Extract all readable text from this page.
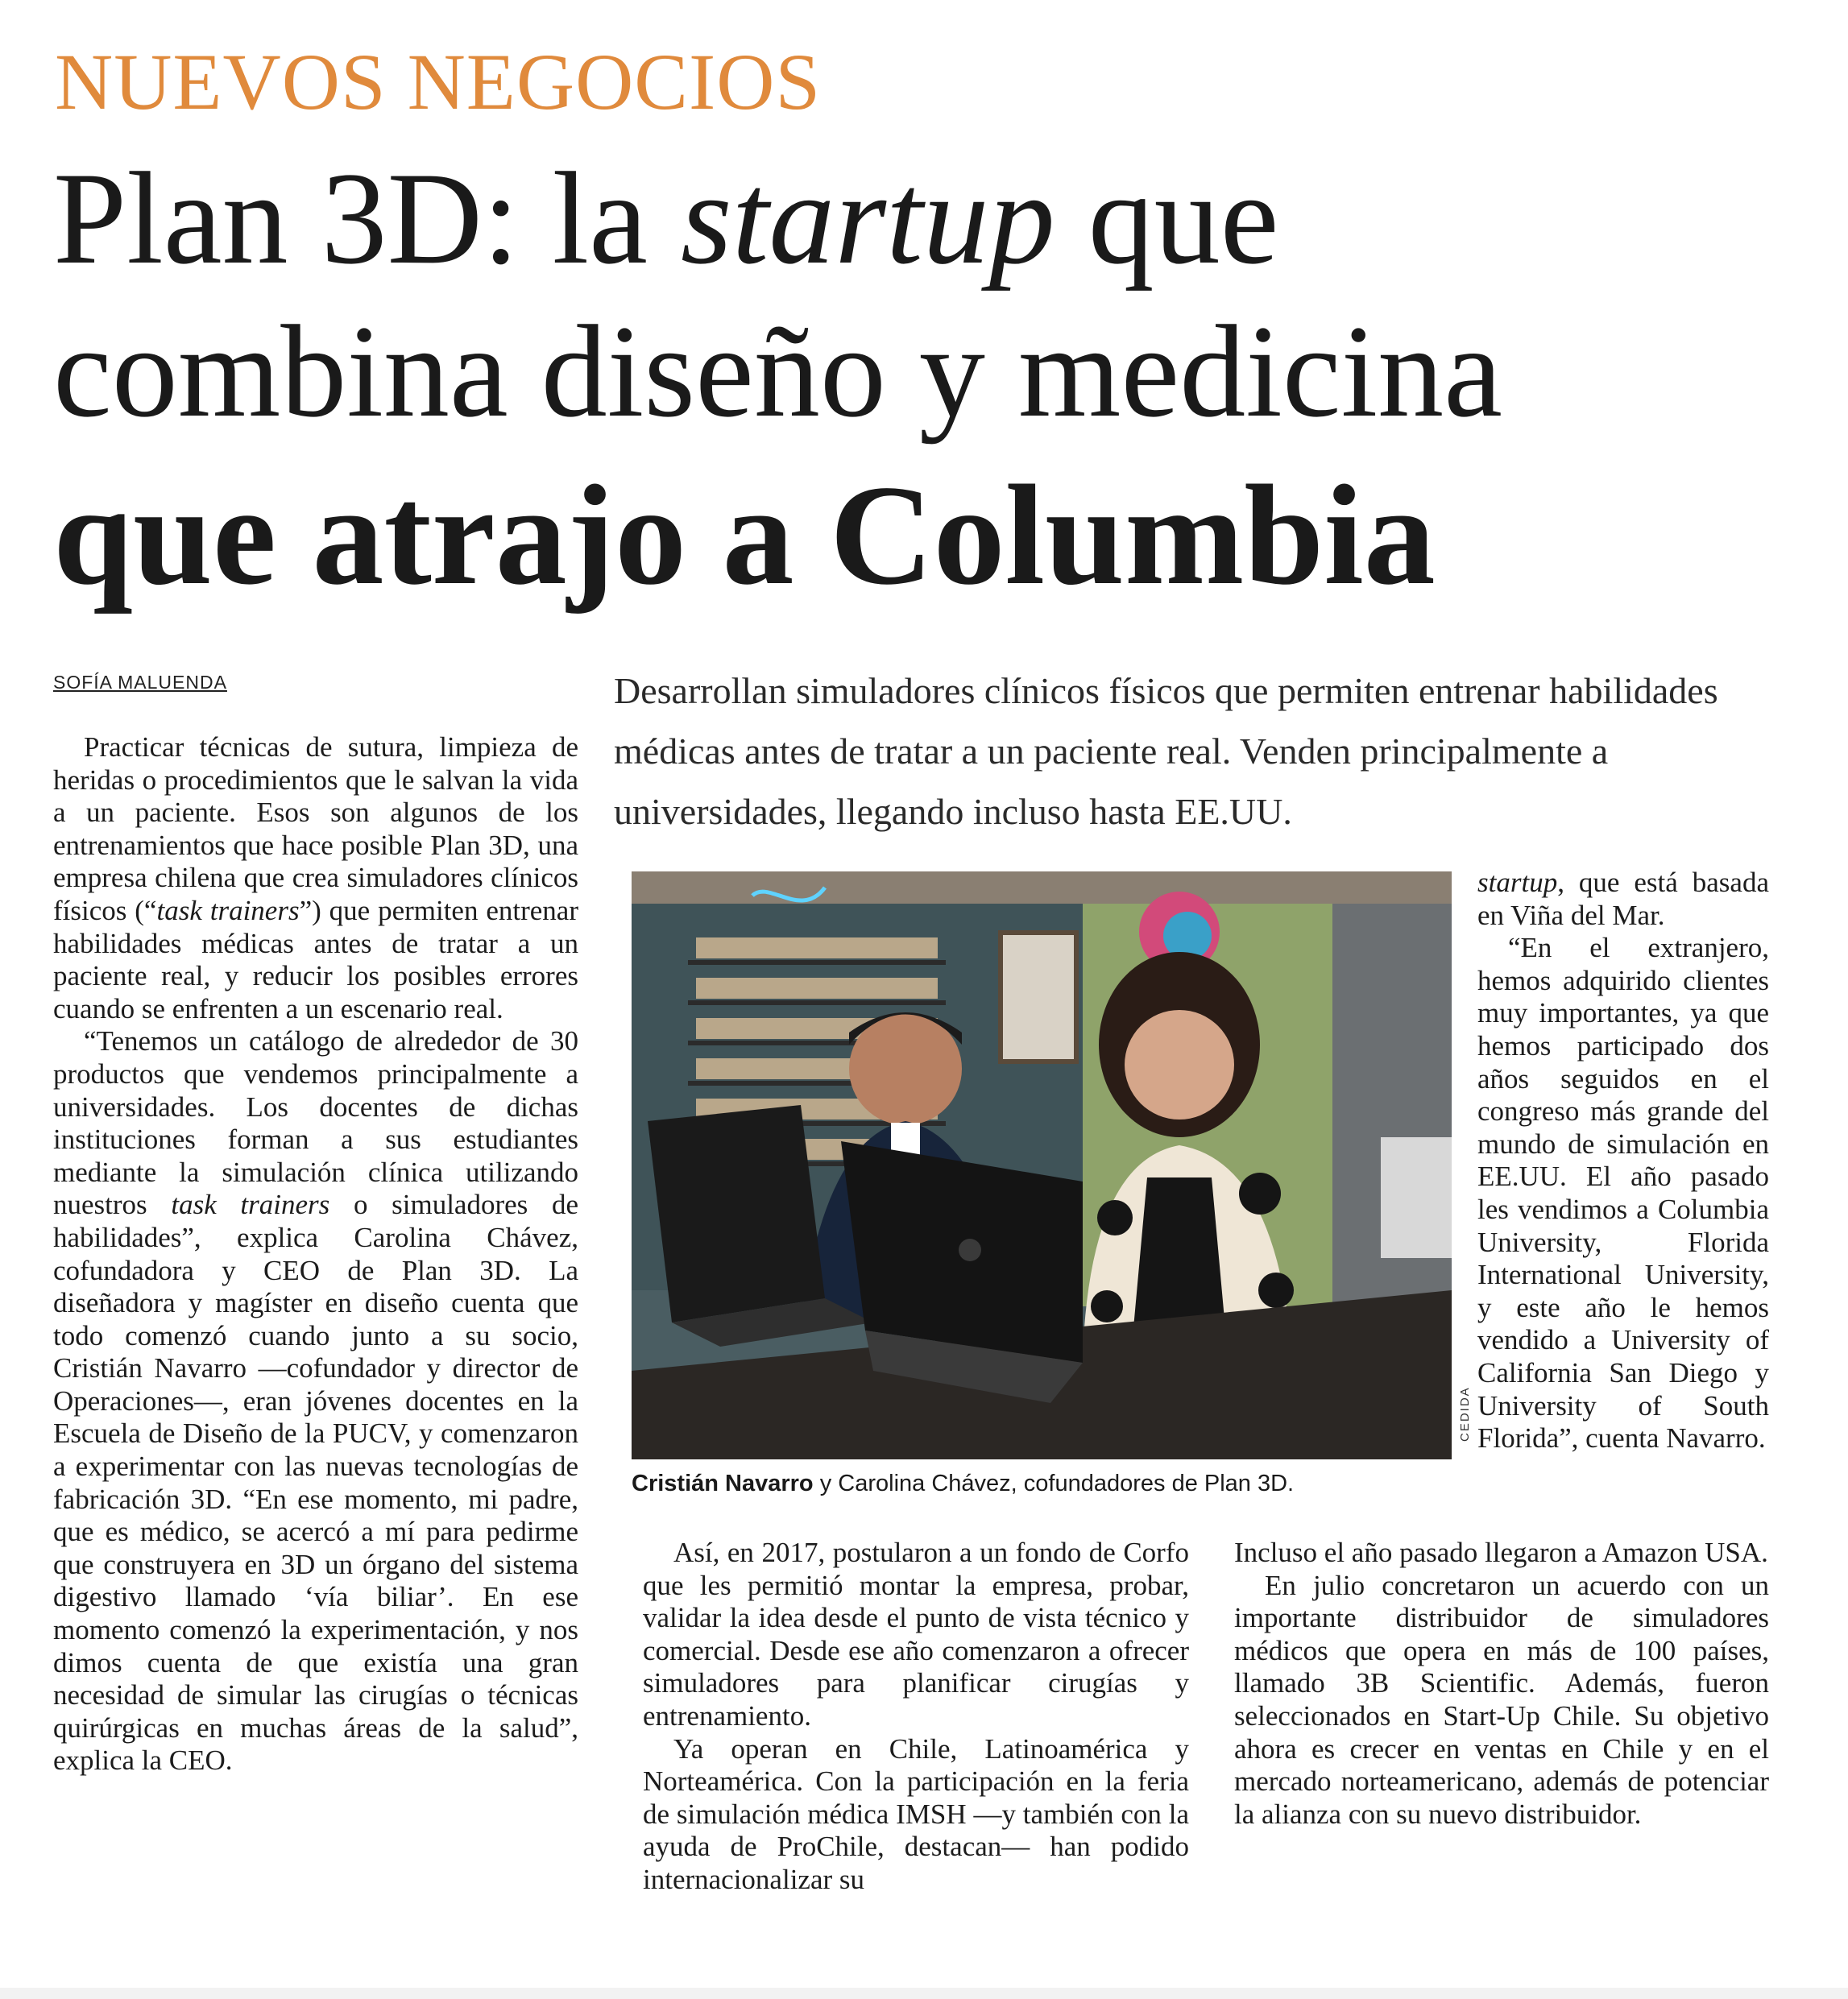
NUEVOS NEGOCIOS
Plan 3D: la startup que
combina diseño y medicina
que atrajo a Columbia
SOFÍA MALUENDA	Desarrollan simuladores clínicos físicos que permiten entrenar habilidades médicas antes de tratar a un paciente real. Venden principalmente a universidades, llegando incluso hasta EE.UU.

Practicar técnicas de sutura, limpieza de heridas o procedimientos que le salvan la vida a un paciente. Esos son algunos de los entrenamientos que hace posible Plan 3D, una empresa chilena que crea simuladores clínicos físicos (“task trainers”) que permiten entrenar habilidades médicas antes de tratar a un paciente real, y reducir los posibles errores cuando se enfrenten a un escenario real.

“Tenemos un catálogo de alrededor de 30 productos que vendemos principalmente a universidades. Los docentes de dichas instituciones forman a sus estudiantes mediante la simulación clínica utilizando nuestros task trainers o simuladores de habilidades”, explica Carolina Chávez, cofundadora y CEO de Plan 3D. La diseñadora y magíster en diseño cuenta que todo comenzó cuando junto a su socio, Cristián Navarro —cofundador y director de Operaciones—, eran jóvenes docentes en la Escuela de Diseño de la PUCV, y comenzaron a experimentar con las nuevas tecnologías de fabricación 3D. “En ese momento, mi padre, que es médico, se acercó a mí para pedirme que construyera en 3D un órgano del sistema digestivo llamado ‘vía biliar’. En ese momento comenzó la experimentación, y nos dimos cuenta de que existía una gran necesidad de simular las cirugías o técnicas quirúrgicas en muchas áreas de la salud”, explica la CEO.

CEDIDA
Cristián Navarro y Carolina Chávez, cofundadores de Plan 3D.

startup, que está basada en Viña del Mar.

“En el extranjero, hemos adquirido clientes muy importantes, ya que hemos participado dos años seguidos en el congreso más grande del mundo de simulación en EE.UU. El año pasado les vendimos a Columbia University, Florida International University, y este año le hemos vendido a University of California San Diego y University of South Florida”, cuenta Navarro.

Así, en 2017, postularon a un fondo de Corfo que les permitió montar la empresa, probar, validar la idea desde el punto de vista técnico y comercial. Desde ese año comenzaron a ofrecer simuladores para planificar cirugías y entrenamiento.

Ya operan en Chile, Latinoamérica y Norteamérica. Con la participación en la feria de simulación médica IMSH —y también con la ayuda de ProChile, destacan— han podido internacionalizar su

Incluso el año pasado llegaron a Amazon USA.

En julio concretaron un acuerdo con un importante distribuidor de simuladores médicos que opera en más de 100 países, llamado 3B Scientific. Además, fueron seleccionados en Start-Up Chile. Su objetivo ahora es crecer en ventas en Chile y en el mercado norteamericano, además de potenciar la alianza con su nuevo distribuidor.
